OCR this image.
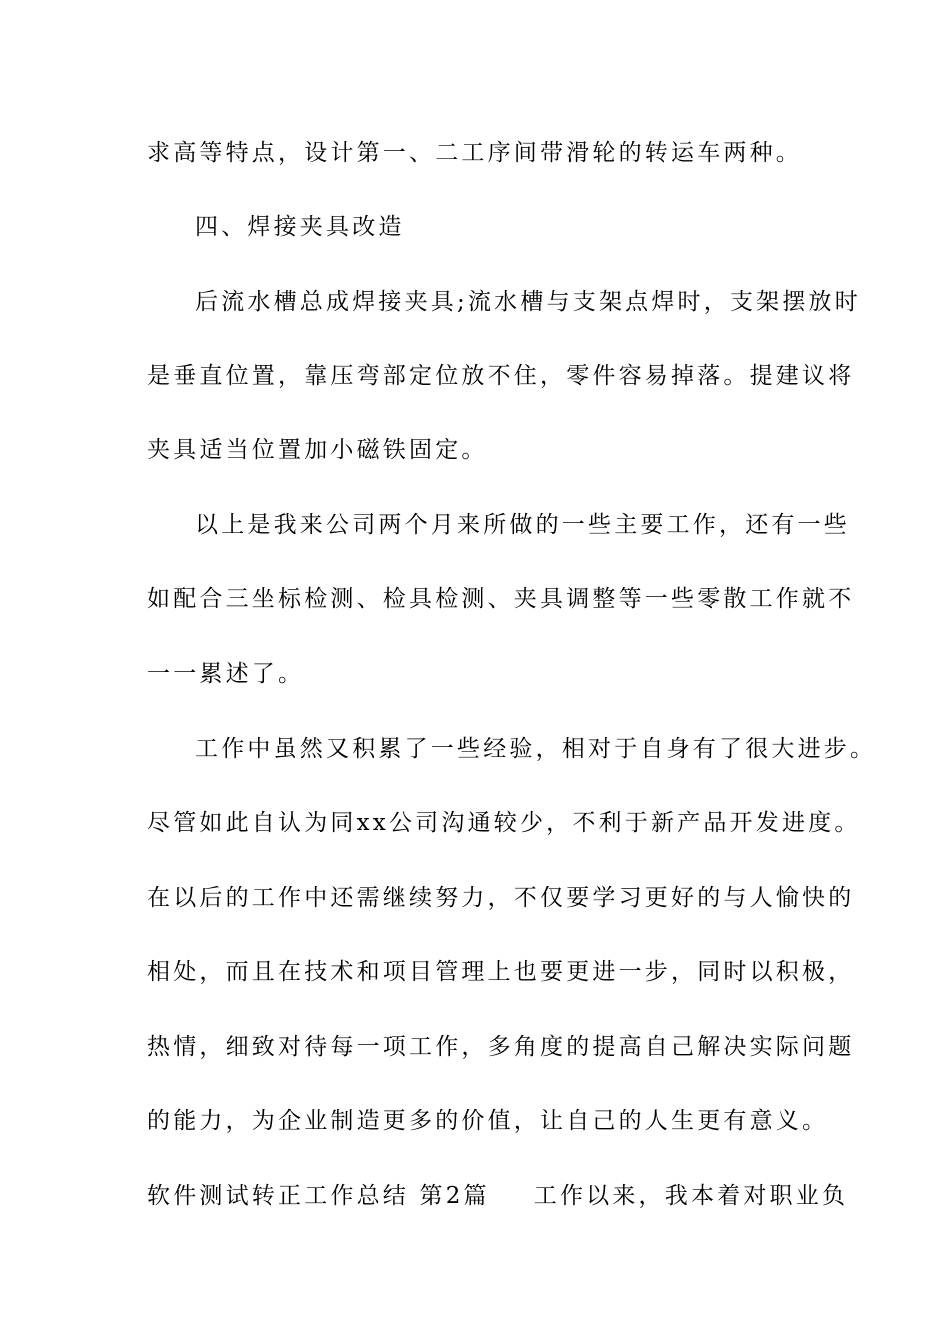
求高等特点，设计第一、二工序间带滑轮的转运车两种。
四、焊接夹具改造
后流水槽总成焊接夹具;流水槽与支架点焊时，支架摆放时
是垂直位置，靠压弯部定位放不住，零件容易掉落。提建议将
夹具适当位置加小磁铁固定。
以上是我来公司两个月来所做的一些主要工作，还有一些
如配合三坐标检测、检具检测、夹具调整等一些零散工作就不
一一累述了。
工作中虽然又积累了一些经验，相对于自身有了很大进步。
尽管如此自认为同xx公司沟通较少，不利于新产品开发进度。
在以后的工作中还需继续努力，不仅要学习更好的与人愉快的
相处，而且在技术和项目管理上也要更进一步，同时以积极，
热情，细致对待每一项工作，多角度的提高自己解决实际问题
的能力，为企业制造更多的价值，让自己的人生更有意义。
软件测试转正工作总结 第2篇 工作以来，我本着对职业负
